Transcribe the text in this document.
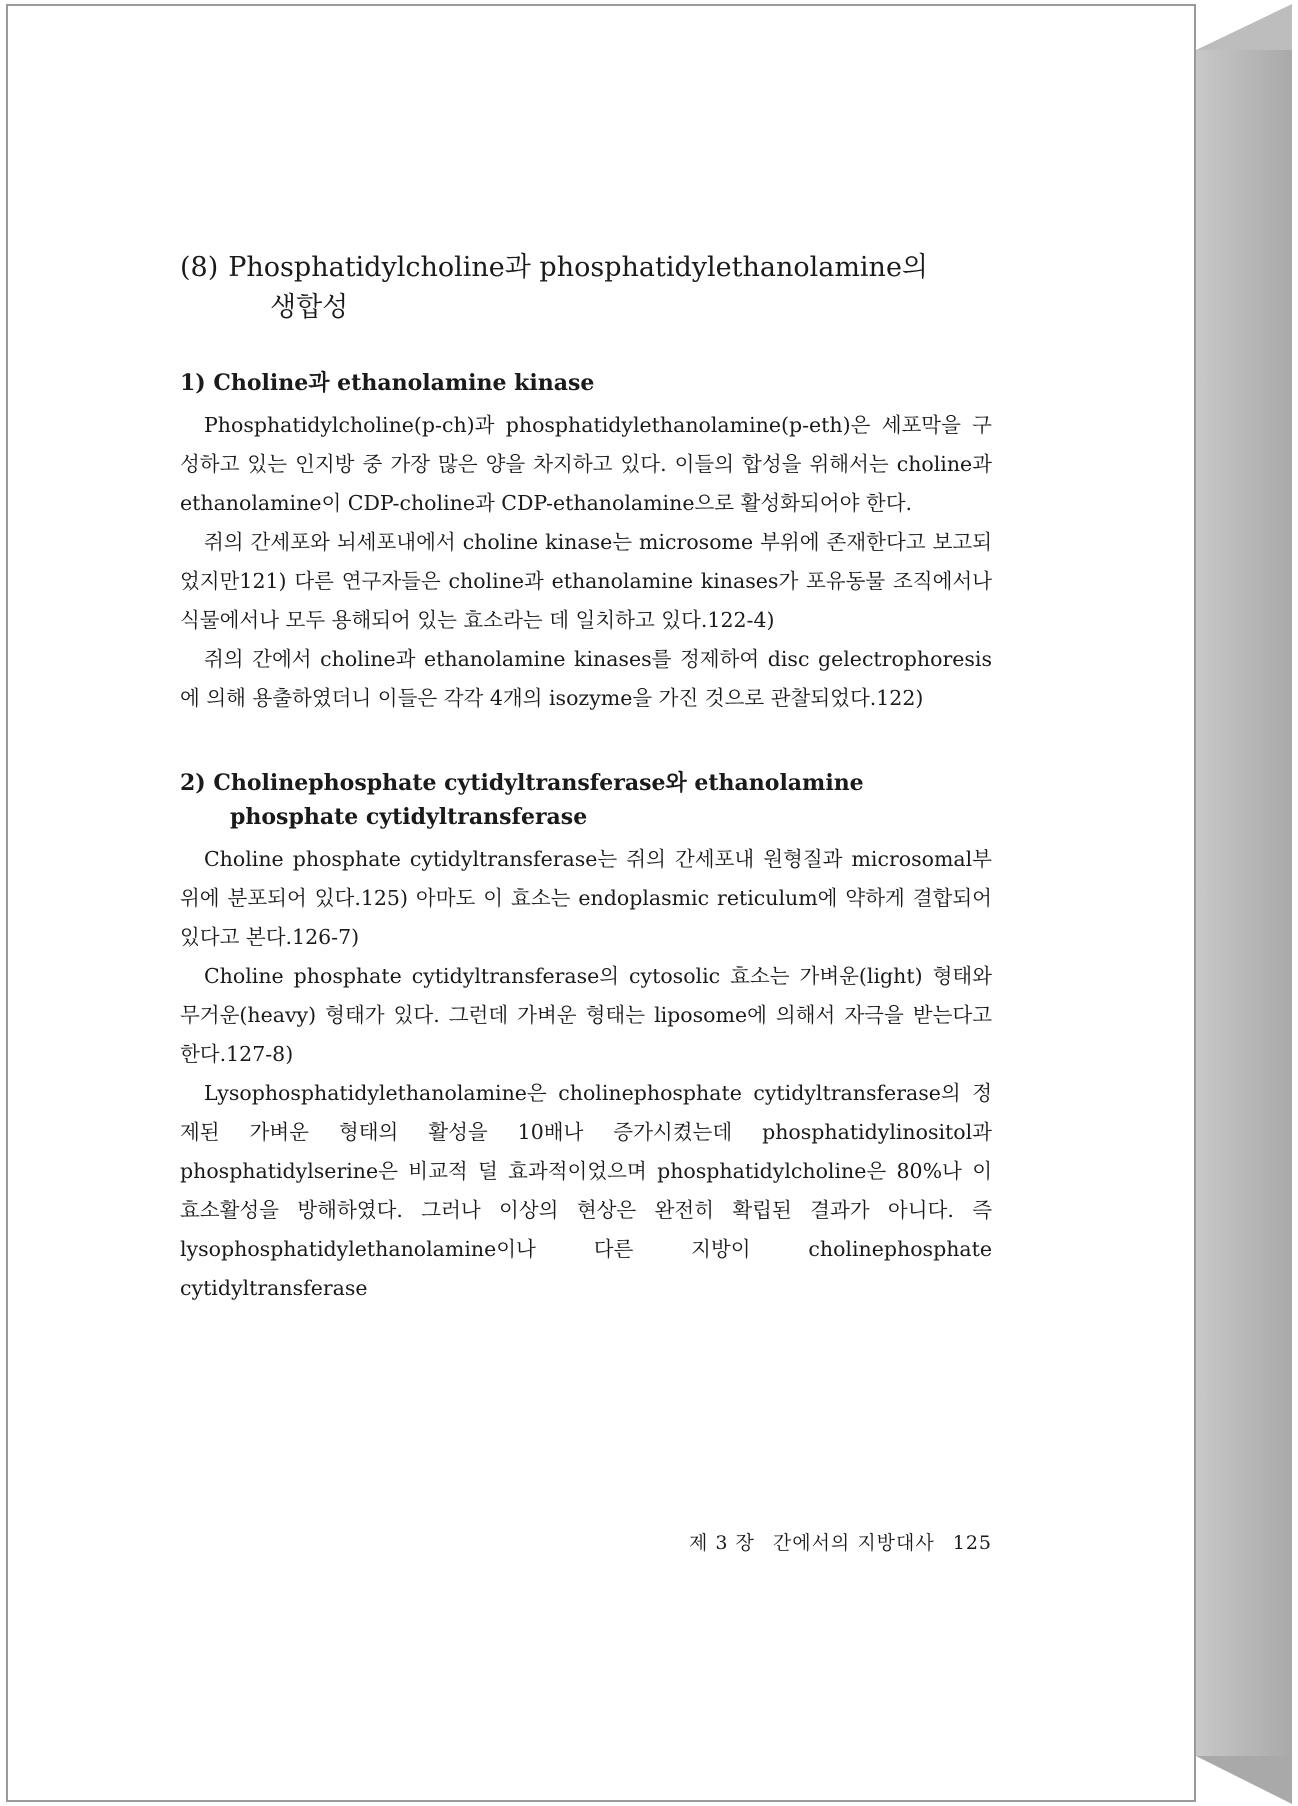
(8) Phosphatidylcholine과 phosphatidylethanolamine의
생합성
1) Choline과 ethanolamine kinase

Phosphatidylcholine(p-ch)과 phosphatidylethanolamine(p-eth)은 세포막을 구성하고 있는 인지방 중 가장 많은 양을 차지하고 있다. 이들의 합성을 위해서는 choline과 ethanolamine이 CDP-choline과 CDP-ethanolamine으로 활성화되어야 한다.

쥐의 간세포와 뇌세포내에서 choline kinase는 microsome 부위에 존재한다고 보고되었지만121) 다른 연구자들은 choline과 ethanolamine kinases가 포유동물 조직에서나 식물에서나 모두 용해되어 있는 효소라는 데 일치하고 있다.122-4)

쥐의 간에서 choline과 ethanolamine kinases를 정제하여 disc gelectrophoresis에 의해 용출하였더니 이들은 각각 4개의 isozyme을 가진 것으로 관찰되었다.122)

2) Cholinephosphate cytidyltransferase와 ethanolamine
phosphate cytidyltransferase

Choline phosphate cytidyltransferase는 쥐의 간세포내 원형질과 microsomal부위에 분포되어 있다.125) 아마도 이 효소는 endoplasmic reticulum에 약하게 결합되어 있다고 본다.126-7)

Choline phosphate cytidyltransferase의 cytosolic 효소는 가벼운(light) 형태와 무거운(heavy) 형태가 있다. 그런데 가벼운 형태는 liposome에 의해서 자극을 받는다고 한다.127-8)

Lysophosphatidylethanolamine은 cholinephosphate cytidyltransferase의 정제된 가벼운 형태의 활성을 10배나 증가시켰는데 phosphatidylinositol과 phosphatidylserine은 비교적 덜 효과적이었으며 phosphatidylcholine은 80%나 이 효소활성을 방해하였다. 그러나 이상의 현상은 완전히 확립된 결과가 아니다. 즉 lysophosphatidylethanolamine이나 다른 지방이 cholinephosphate cytidyltransferase

제 3 장 간에서의 지방대사 125
